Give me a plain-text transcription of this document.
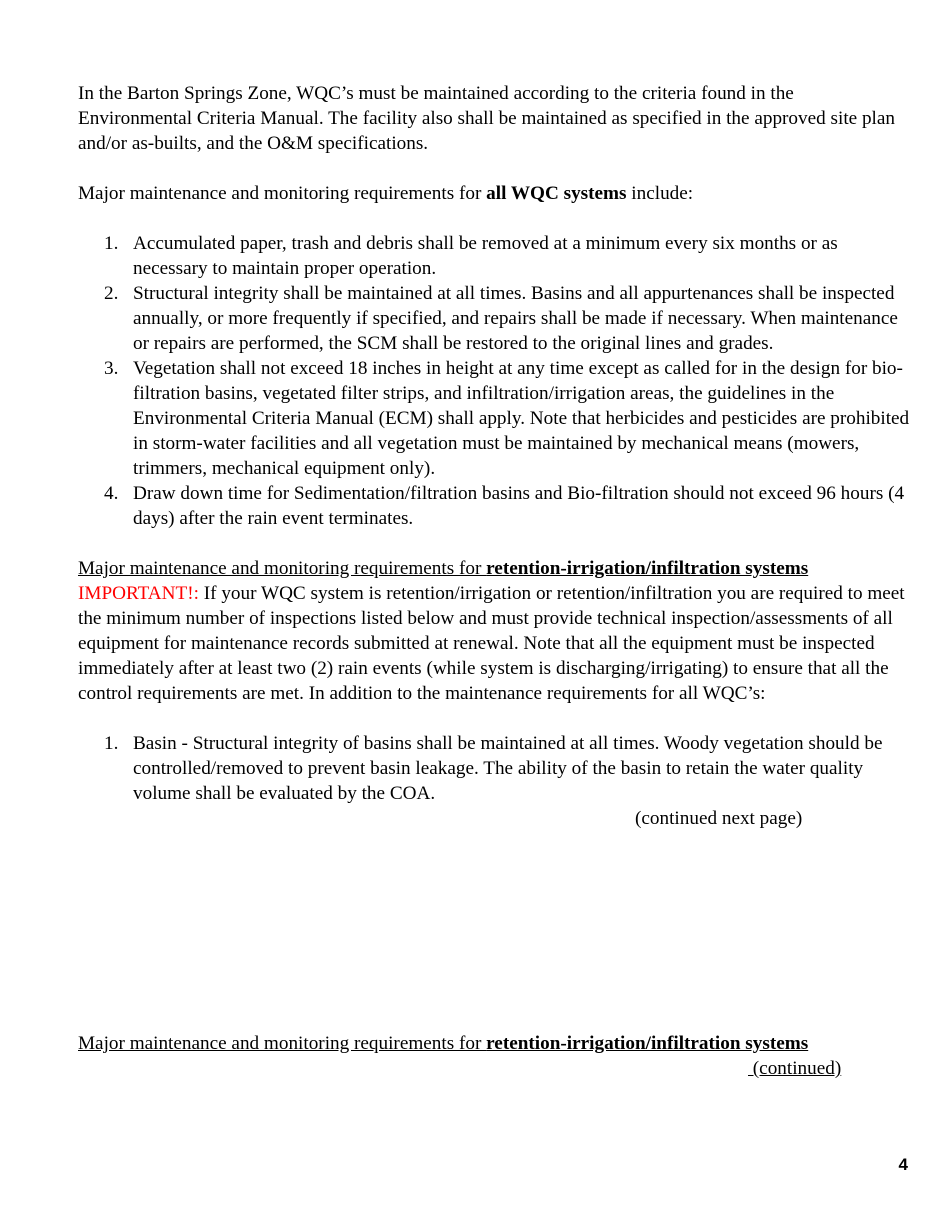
In the Barton Springs Zone, WQC’s must be maintained according to the criteria found in the Environmental Criteria Manual. The facility also shall be maintained as specified in the approved site plan and/or as-builts, and the O&M specifications.

Major maintenance and monitoring requirements for all WQC systems include:

1. Accumulated paper, trash and debris shall be removed at a minimum every six months or as necessary to maintain proper operation.
2. Structural integrity shall be maintained at all times. Basins and all appurtenances shall be inspected annually, or more frequently if specified, and repairs shall be made if necessary. When maintenance or repairs are performed, the SCM shall be restored to the original lines and grades.
3. Vegetation shall not exceed 18 inches in height at any time except as called for in the design for bio-filtration basins, vegetated filter strips, and infiltration/irrigation areas, the guidelines in the Environmental Criteria Manual (ECM) shall apply. Note that herbicides and pesticides are prohibited in storm-water facilities and all vegetation must be maintained by mechanical means (mowers, trimmers, mechanical equipment only).
4. Draw down time for Sedimentation/filtration basins and Bio-filtration should not exceed 96 hours (4 days) after the rain event terminates.

Major maintenance and monitoring requirements for retention-irrigation/infiltration systems

IMPORTANT!: If your WQC system is retention/irrigation or retention/infiltration you are required to meet the minimum number of inspections listed below and must provide technical inspection/assessments of all equipment for maintenance records submitted at renewal. Note that all the equipment must be inspected immediately after at least two (2) rain events (while system is discharging/irrigating) to ensure that all the control requirements are met. In addition to the maintenance requirements for all WQC’s:

1. Basin - Structural integrity of basins shall be maintained at all times. Woody vegetation should be controlled/removed to prevent basin leakage. The ability of the basin to retain the water quality volume shall be evaluated by the COA.

(continued next page)

Major maintenance and monitoring requirements for retention-irrigation/infiltration systems

(continued)

4
